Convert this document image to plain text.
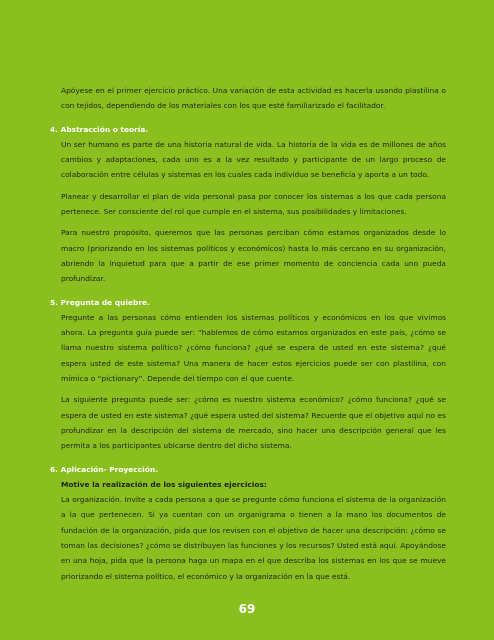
Apóyese en el primer ejercicio práctico. Una variación de esta actividad es hacerla usando plastilina o con tejidos, dependiendo de los materiales con los que esté familiarizado el facilitador.

4. Abstracción o teoría.

Un ser humano es parte de una historia natural de vida. La historia de la vida es de millones de años cambios y adaptaciones, cada uno es a la vez resultado y participante de un largo proceso de colaboración entre células y sistemas en los cuales cada individuo se beneficia y aporta a un todo.

Planear y desarrollar el plan de vida personal pasa por conocer los sistemas a los que cada persona pertenece. Ser consciente del rol que cumple en el sistema, sus posibilidades y limitaciones.

Para nuestro propósito, queremos que las personas perciban cómo estamos organizados desde lo macro (priorizando en los sistemas políticos y económicos) hasta lo más cercano en su organización, abriendo la inquietud para que a partir de ese primer momento de conciencia cada uno pueda profundizar.

5. Pregunta de quiebre.

Pregunte a las personas cómo entienden los sistemas políticos y económicos en los que vivimos ahora. La pregunta guía puede ser: “hablemos de cómo estamos organizados en este país, ¿cómo se llama nuestro sistema político? ¿cómo funciona? ¿qué se espera de usted en este sistema? ¿qué espera usted de este sistema? Una manera de hacer estos ejercicios puede ser con plastilina, con mímica o “pictionary”. Depende del tiempo con el que cuente.

La siguiente pregunta puede ser: ¿cómo es nuestro sistema económico? ¿cómo funciona? ¿qué se espera de usted en este sistema? ¿qué espera usted del sistema? Recuerde que el objetivo aquí no es profundizar en la descripción del sistema de mercado, sino hacer una descripción general que les permita a los participantes ubicarse dentro del dicho sistema.

6. Aplicación- Proyección.
Motive la realización de los siguientes ejercicios:

La organización. Invite a cada persona a que se pregunte cómo funciona el sistema de la organización a la que pertenecen. Si ya cuentan con un organigrama o tienen a la mano los documentos de fundación de la organización, pida que los revisen con el objetivo de hacer una descripción: ¿cómo se toman las decisiones? ¿cómo se distribuyen las funciones y los recursos? Usted está aquí. Apoyándose en una hoja, pida que la persona haga un mapa en el que describa los sistemas en los que se mueve priorizando el sistema político, el económico y la organización en la que está.

69
